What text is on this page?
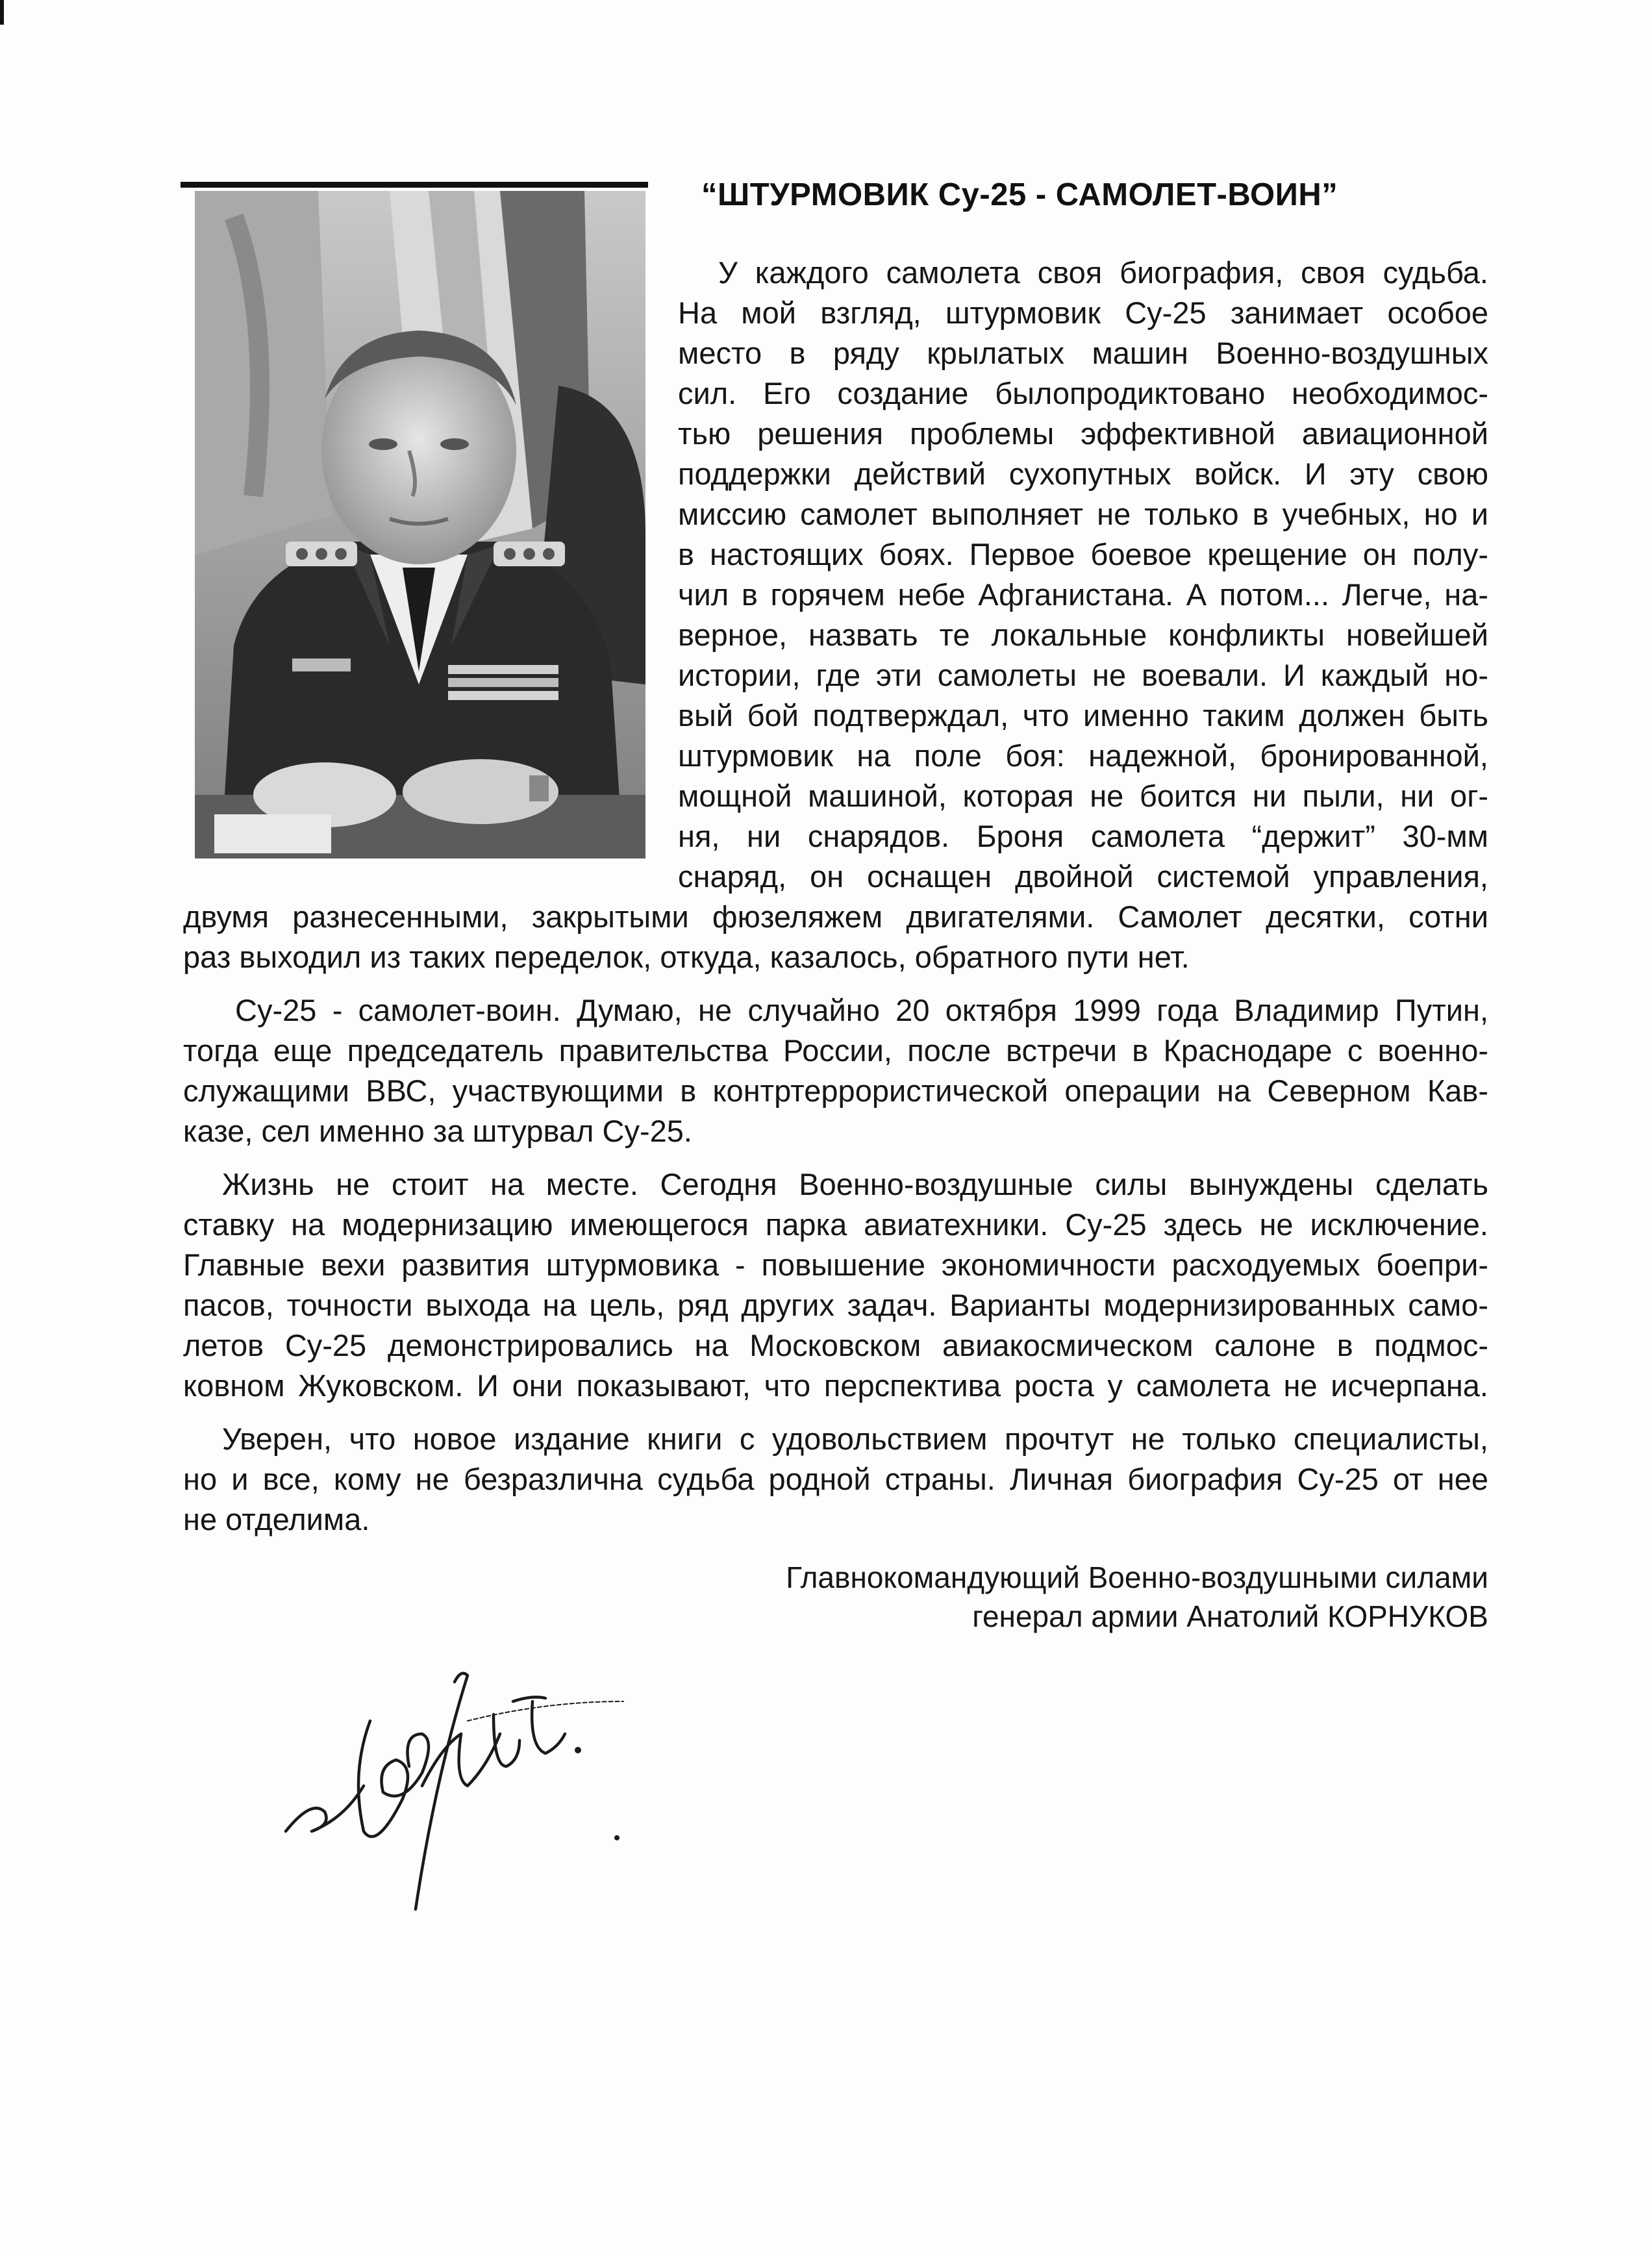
“ШТУРМОВИК Су-25 - САМОЛЕТ-ВОИН”
У каждого самолета своя биография, своя судьба.
На мой взгляд, штурмовик Су-25 занимает особое
место в ряду крылатых машин Военно-воздушных
сил. Его создание былопродиктовано необходимос-
тью решения проблемы эффективной авиационной
поддержки действий сухопутных войск. И эту свою
миссию самолет выполняет не только в учебных, но и
в настоящих боях. Первое боевое крещение он полу-
чил в горячем небе Афганистана. А потом... Легче, на-
верное, назвать те локальные конфликты новейшей
истории, где эти самолеты не воевали. И каждый но-
вый бой подтверждал, что именно таким должен быть
штурмовик на поле боя: надежной, бронированной,
мощной машиной, которая не боится ни пыли, ни ог-
ня, ни снарядов. Броня самолета “держит” 30-мм
снаряд, он оснащен двойной системой управления,
двумя разнесенными, закрытыми фюзеляжем двигателями. Самолет десятки, сотни
раз выходил из таких переделок, откуда, казалось, обратного пути нет.
Су-25 - самолет-воин. Думаю, не случайно 20 октября 1999 года Владимир Путин,
тогда еще председатель правительства России, после встречи в Краснодаре с военно-
служащими ВВС, участвующими в контртеррористической операции на Северном Кав-
казе, сел именно за штурвал Су-25.
Жизнь не стоит на месте. Сегодня Военно-воздушные силы вынуждены сделать
ставку на модернизацию имеющегося парка авиатехники. Су-25 здесь не исключение.
Главные вехи развития штурмовика - повышение экономичности расходуемых боепри-
пасов, точности выхода на цель, ряд других задач. Варианты модернизированных само-
летов Су-25 демонстрировались на Московском авиакосмическом салоне в подмос-
ковном Жуковском. И они показывают, что перспектива роста у самолета не исчерпана.
Уверен, что новое издание книги с удовольствием прочтут не только специалисты,
но и все, кому не безразлична судьба родной страны. Личная биография Су-25 от нее
не отделима.
Главнокомандующий Военно-воздушными силами
генерал армии Анатолий КОРНУКОВ
